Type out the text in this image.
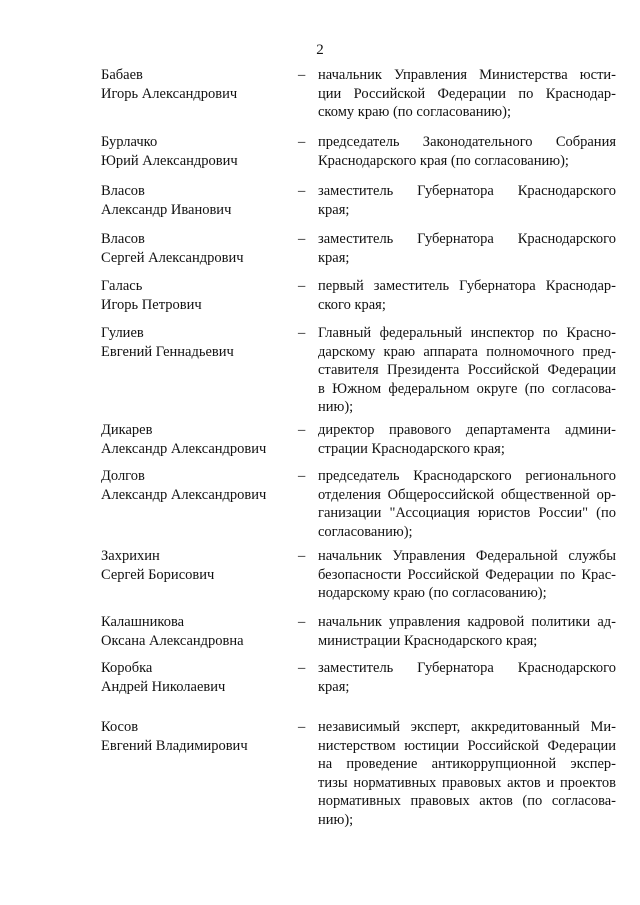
2
Бабаев
Игорь Александрович
– начальник Управления Министерства юсти-
ции Российской Федерации по Краснодар-
скому краю (по согласованию);
Бурлачко
Юрий Александрович
– председатель Законодательного Собрания
Краснодарского края (по согласованию);
Власов
Александр Иванович
– заместитель Губернатора Краснодарского
края;
Власов
Сергей Александрович
– заместитель Губернатора Краснодарского
края;
Галась
Игорь Петрович
– первый заместитель Губернатора Краснодар-
ского края;
Гулиев
Евгений Геннадьевич
– Главный федеральный инспектор по Красно-
дарскому краю аппарата полномочного пред-
ставителя Президента Российской Федерации
в Южном федеральном округе (по согласова-
нию);
Дикарев
Александр Александрович
– директор правового департамента админи-
страции Краснодарского края;
Долгов
Александр Александрович
– председатель Краснодарского регионального
отделения Общероссийской общественной ор-
ганизации "Ассоциация юристов России" (по
согласованию);
Захрихин
Сергей Борисович
– начальник Управления Федеральной службы
безопасности Российской Федерации по Крас-
нодарскому краю (по согласованию);
Калашникова
Оксана Александровна
– начальник управления кадровой политики ад-
министрации Краснодарского края;
Коробка
Андрей Николаевич
– заместитель Губернатора Краснодарского
края;
Косов
Евгений Владимирович
– независимый эксперт, аккредитованный Ми-
нистерством юстиции Российской Федерации
на проведение антикоррупционной экспер-
тизы нормативных правовых актов и проектов
нормативных правовых актов (по согласова-
нию);
